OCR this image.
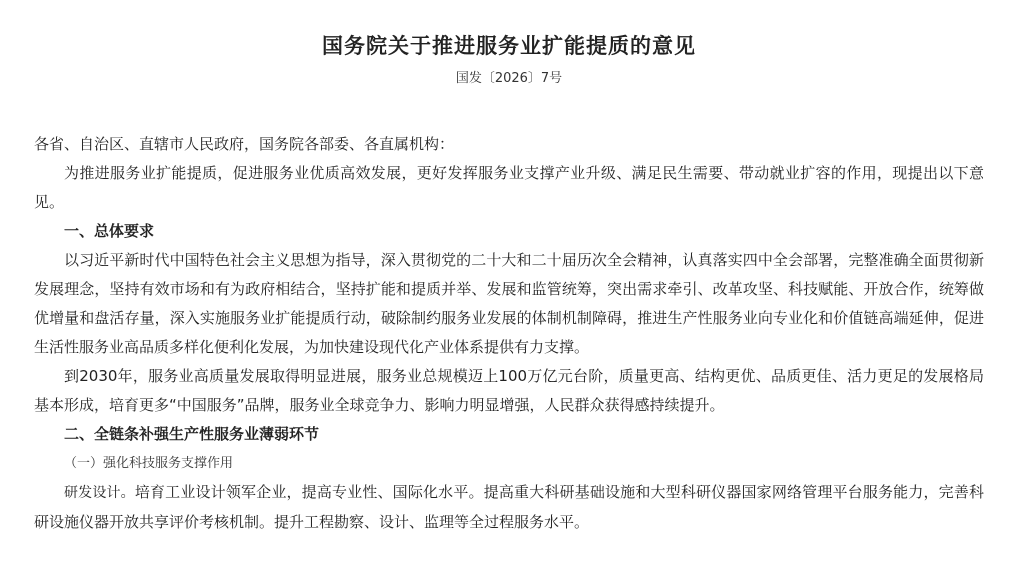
国务院关于推进服务业扩能提质的意见
国发〔2026〕7号

各省、自治区、直辖市人民政府，国务院各部委、各直属机构：

为推进服务业扩能提质，促进服务业优质高效发展，更好发挥服务业支撑产业升级、满足民生需要、带动就业扩容的作用，现提出以下意见。

一、总体要求

以习近平新时代中国特色社会主义思想为指导，深入贯彻党的二十大和二十届历次全会精神，认真落实四中全会部署，完整准确全面贯彻新发展理念，坚持有效市场和有为政府相结合，坚持扩能和提质并举、发展和监管统筹，突出需求牵引、改革攻坚、科技赋能、开放合作，统筹做优增量和盘活存量，深入实施服务业扩能提质行动，破除制约服务业发展的体制机制障碍，推进生产性服务业向专业化和价值链高端延伸，促进生活性服务业高品质多样化便利化发展，为加快建设现代化产业体系提供有力支撑。

到2030年，服务业高质量发展取得明显进展，服务业总规模迈上100万亿元台阶，质量更高、结构更优、品质更佳、活力更足的发展格局基本形成，培育更多“中国服务”品牌，服务业全球竞争力、影响力明显增强，人民群众获得感持续提升。

二、全链条补强生产性服务业薄弱环节

（一）强化科技服务支撑作用

研发设计。培育工业设计领军企业，提高专业性、国际化水平。提高重大科研基础设施和大型科研仪器国家网络管理平台服务能力，完善科研设施仪器开放共享评价考核机制。提升工程勘察、设计、监理等全过程服务水平。
